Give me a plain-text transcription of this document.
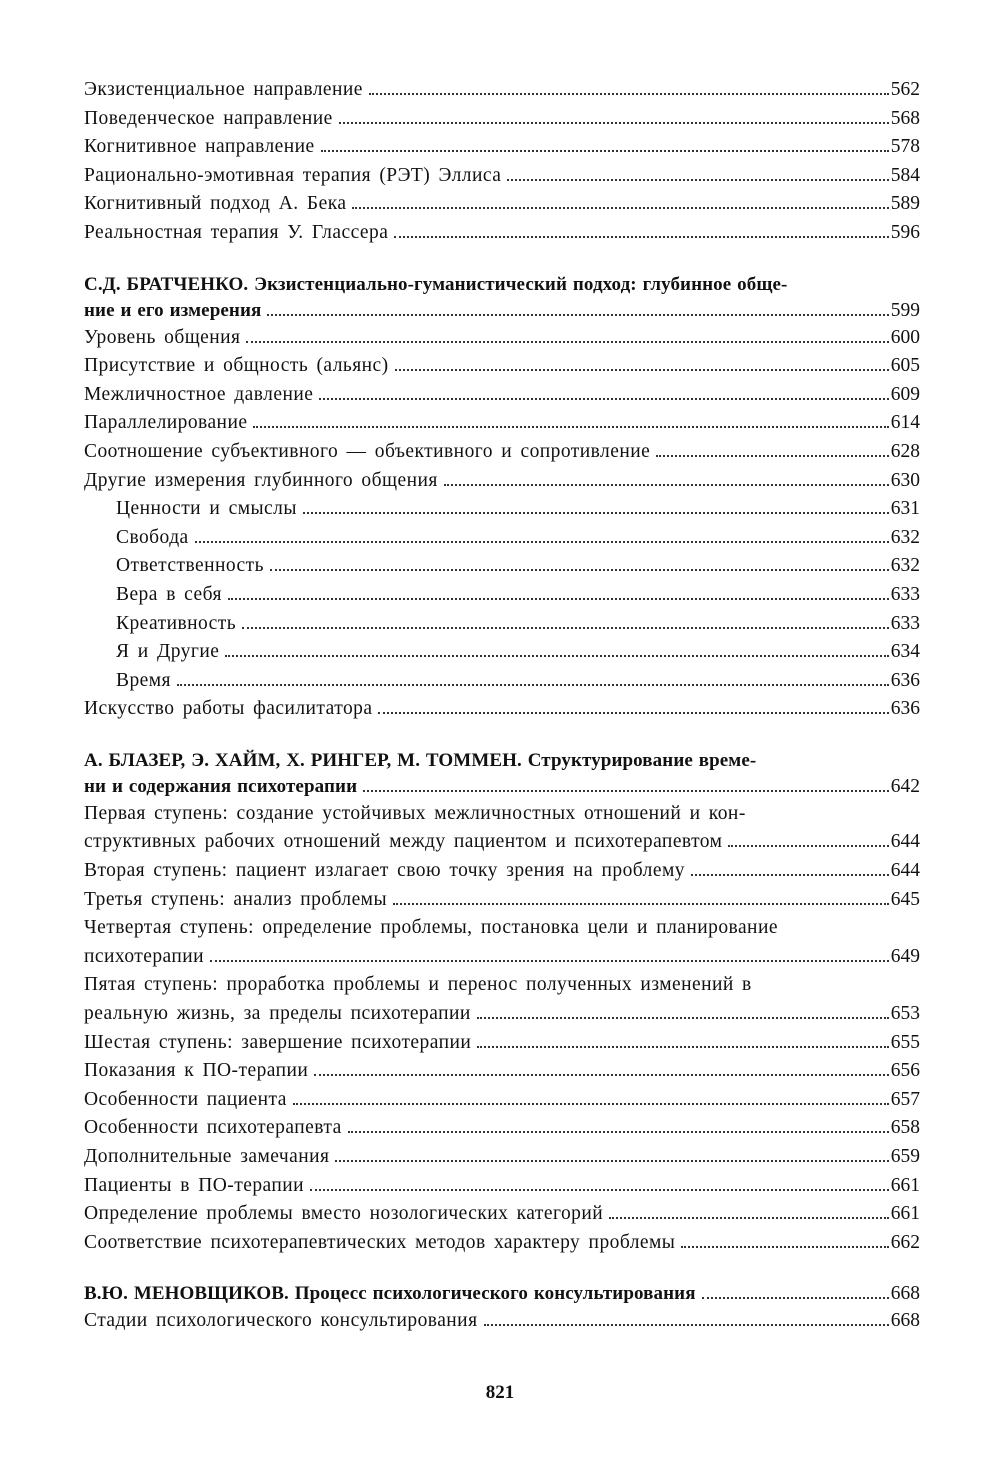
Экзистенциальное направление	562
Поведенческое направление	568
Когнитивное направление	578
Рационально-эмотивная терапия (РЭТ) Эллиса	584
Когнитивный подход А. Бека	589
Реальностная терапия У. Глассера	596
С.Д. БРАТЧЕНКО. Экзистенциально-гуманистический подход: глубинное обще-
ние и его измерения	599
Уровень общения	600
Присутствие и общность (альянс)	605
Межличностное давление	609
Параллелирование	614
Соотношение субъективного — объективного и сопротивление	628
Другие измерения глубинного общения	630
Ценности и смыслы	631
Свобода	632
Ответственность	632
Вера в себя	633
Креативность	633
Я и Другие	634
Время	636
Искусство работы фасилитатора	636
А. БЛАЗЕР, Э. ХАЙМ, Х. РИНГЕР, М. ТОММЕН. Структурирование време-
ни и содержания психотерапии	642
Первая ступень: создание устойчивых межличностных отношений и кон-
структивных рабочих отношений между пациентом и психотерапевтом	644
Вторая ступень: пациент излагает свою точку зрения на проблему	644
Третья ступень: анализ проблемы	645
Четвертая ступень: определение проблемы, постановка цели и планирование
психотерапии	649
Пятая ступень: проработка проблемы и перенос полученных изменений в
реальную жизнь, за пределы психотерапии	653
Шестая ступень: завершение психотерапии	655
Показания к ПО-терапии	656
Особенности пациента	657
Особенности психотерапевта	658
Дополнительные замечания	659
Пациенты в ПО-терапии	661
Определение проблемы вместо нозологических категорий	661
Соответствие психотерапевтических методов характеру проблемы	662
В.Ю. МЕНОВЩИКОВ. Процесс психологического консультирования	668
Стадии психологического консультирования	668
821
